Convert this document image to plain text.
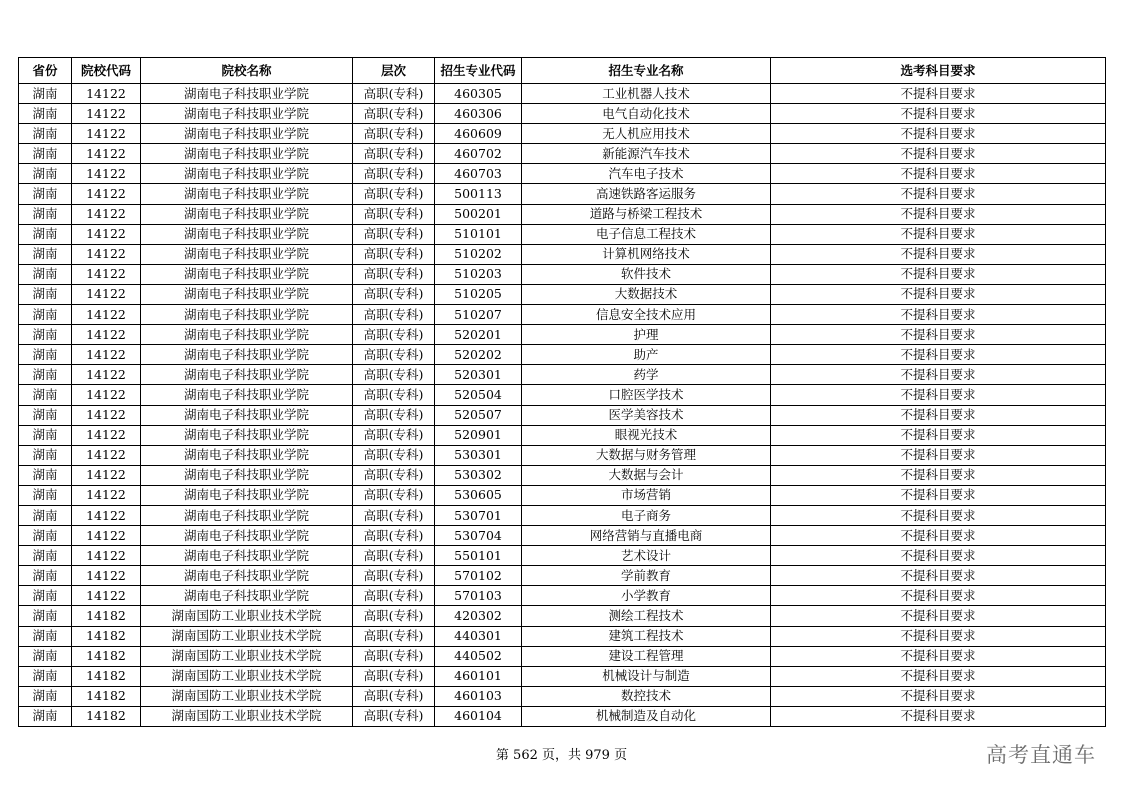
省份	院校代码	院校名称	层次	招生专业代码	招生专业名称	选考科目要求
湖南	14122	湖南电子科技职业学院	高职(专科)	460305	工业机器人技术	不提科目要求
湖南	14122	湖南电子科技职业学院	高职(专科)	460306	电气自动化技术	不提科目要求
湖南	14122	湖南电子科技职业学院	高职(专科)	460609	无人机应用技术	不提科目要求
湖南	14122	湖南电子科技职业学院	高职(专科)	460702	新能源汽车技术	不提科目要求
湖南	14122	湖南电子科技职业学院	高职(专科)	460703	汽车电子技术	不提科目要求
湖南	14122	湖南电子科技职业学院	高职(专科)	500113	高速铁路客运服务	不提科目要求
湖南	14122	湖南电子科技职业学院	高职(专科)	500201	道路与桥梁工程技术	不提科目要求
湖南	14122	湖南电子科技职业学院	高职(专科)	510101	电子信息工程技术	不提科目要求
湖南	14122	湖南电子科技职业学院	高职(专科)	510202	计算机网络技术	不提科目要求
湖南	14122	湖南电子科技职业学院	高职(专科)	510203	软件技术	不提科目要求
湖南	14122	湖南电子科技职业学院	高职(专科)	510205	大数据技术	不提科目要求
湖南	14122	湖南电子科技职业学院	高职(专科)	510207	信息安全技术应用	不提科目要求
湖南	14122	湖南电子科技职业学院	高职(专科)	520201	护理	不提科目要求
湖南	14122	湖南电子科技职业学院	高职(专科)	520202	助产	不提科目要求
湖南	14122	湖南电子科技职业学院	高职(专科)	520301	药学	不提科目要求
湖南	14122	湖南电子科技职业学院	高职(专科)	520504	口腔医学技术	不提科目要求
湖南	14122	湖南电子科技职业学院	高职(专科)	520507	医学美容技术	不提科目要求
湖南	14122	湖南电子科技职业学院	高职(专科)	520901	眼视光技术	不提科目要求
湖南	14122	湖南电子科技职业学院	高职(专科)	530301	大数据与财务管理	不提科目要求
湖南	14122	湖南电子科技职业学院	高职(专科)	530302	大数据与会计	不提科目要求
湖南	14122	湖南电子科技职业学院	高职(专科)	530605	市场营销	不提科目要求
湖南	14122	湖南电子科技职业学院	高职(专科)	530701	电子商务	不提科目要求
湖南	14122	湖南电子科技职业学院	高职(专科)	530704	网络营销与直播电商	不提科目要求
湖南	14122	湖南电子科技职业学院	高职(专科)	550101	艺术设计	不提科目要求
湖南	14122	湖南电子科技职业学院	高职(专科)	570102	学前教育	不提科目要求
湖南	14122	湖南电子科技职业学院	高职(专科)	570103	小学教育	不提科目要求
湖南	14182	湖南国防工业职业技术学院	高职(专科)	420302	测绘工程技术	不提科目要求
湖南	14182	湖南国防工业职业技术学院	高职(专科)	440301	建筑工程技术	不提科目要求
湖南	14182	湖南国防工业职业技术学院	高职(专科)	440502	建设工程管理	不提科目要求
湖南	14182	湖南国防工业职业技术学院	高职(专科)	460101	机械设计与制造	不提科目要求
湖南	14182	湖南国防工业职业技术学院	高职(专科)	460103	数控技术	不提科目要求
湖南	14182	湖南国防工业职业技术学院	高职(专科)	460104	机械制造及自动化	不提科目要求
第 562 页，共 979 页	高考直通车
